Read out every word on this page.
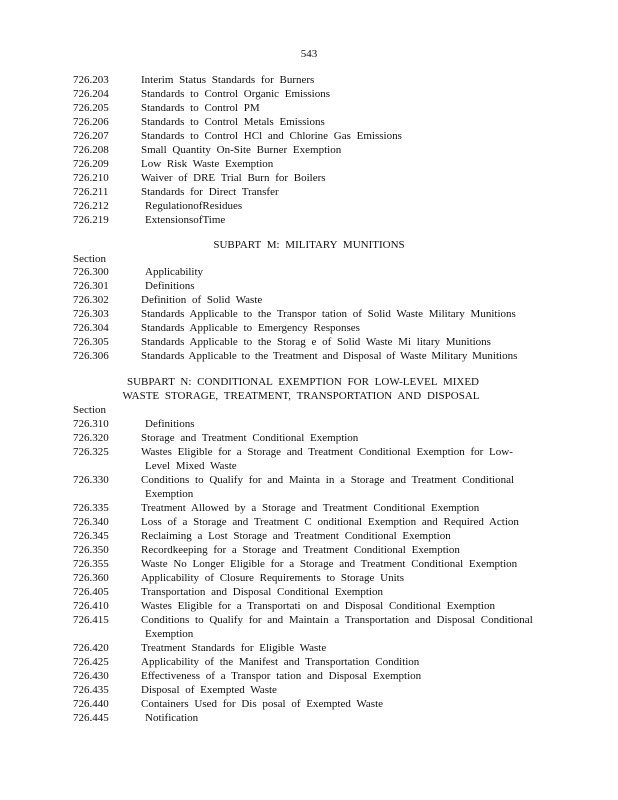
543
726.203	Interim Status Standards for Burners
726.204	Standards to Control Organic Emissions
726.205	Standards to Control PM
726.206	Standards to Control Metals Emissions
726.207	Standards to Control HCl and Chlorine Gas Emissions
726.208	Small Quantity On-Site Burner Exemption
726.209	Low Risk Waste Exemption
726.210	Waiver of DRE Trial Burn for Boilers
726.211	Standards for Direct Transfer
726.212	RegulationofResidues
726.219	ExtensionsofTime
SUBPART M: MILITARY MUNITIONS
Section
726.300	Applicability
726.301	Definitions
726.302	Definition of Solid Waste
726.303	Standards Applicable to the Transpor tation of Solid Waste Military Munitions
726.304	Standards Applicable to Emergency Responses
726.305	Standards Applicable to the Storag e of Solid Waste Mi litary Munitions
726.306	Standards Applicable to the Treatment and Disposal of Waste Military Munitions
SUBPART N: CONDITIONAL EXEMPTION FOR LOW-LEVEL MIXED
WASTE STORAGE, TREATMENT, TRANSPORTATION AND DISPOSAL
Section
726.310	Definitions
726.320	Storage and Treatment Conditional Exemption
726.325	Wastes Eligible for a Storage and Treatment Conditional Exemption for Low-
Level Mixed Waste
726.330	Conditions to Qualify for and Mainta in a Storage and Treatment Conditional
Exemption
726.335	Treatment Allowed by a Storage and Treatment Conditional Exemption
726.340	Loss of a Storage and Treatment C onditional Exemption and Required Action
726.345	Reclaiming a Lost Storage and Treatment Conditional Exemption
726.350	Recordkeeping for a Storage and Treatment Conditional Exemption
726.355	Waste No Longer Eligible for a Storage and Treatment Conditional Exemption
726.360	Applicability of Closure Requirements to Storage Units
726.405	Transportation and Disposal Conditional Exemption
726.410	Wastes Eligible for a Transportati on and Disposal Conditional Exemption
726.415	Conditions to Qualify for and Maintain a Transportation and Disposal Conditional
Exemption
726.420	Treatment Standards for Eligible Waste
726.425	Applicability of the Manifest and Transportation Condition
726.430	Effectiveness of a Transpor tation and Disposal Exemption
726.435	Disposal of Exempted Waste
726.440	Containers Used for Dis posal of Exempted Waste
726.445	Notification
